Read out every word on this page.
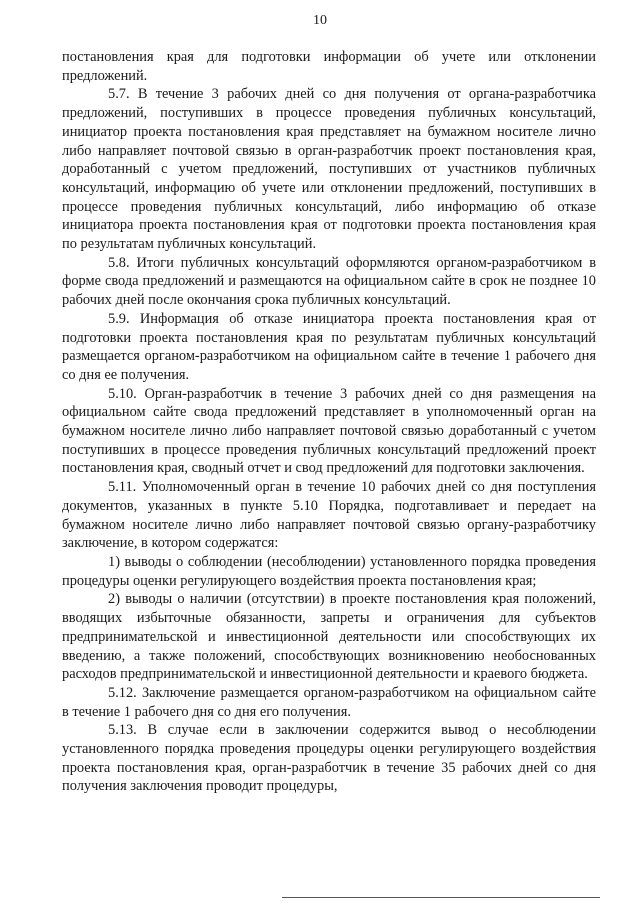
10

постановления края для подготовки информации об учете или отклонении предложений.

5.7. В течение 3 рабочих дней со дня получения от органа-разработчика предложений, поступивших в процессе проведения публичных консультаций, инициатор проекта постановления края представляет на бумажном носителе лично либо направляет почтовой связью в орган-разработчик проект постановления края, доработанный с учетом предложений, поступивших от участников публичных консультаций, информацию об учете или отклонении предложений, поступивших в процессе проведения публичных консультаций, либо информацию об отказе инициатора проекта постановления края от подготовки проекта постановления края по результатам публичных консультаций.

5.8. Итоги публичных консультаций оформляются органом-разработчиком в форме свода предложений и размещаются на официальном сайте в срок не позднее 10 рабочих дней после окончания срока публичных консультаций.

5.9. Информация об отказе инициатора проекта постановления края от подготовки проекта постановления края по результатам публичных консультаций размещается органом-разработчиком на официальном сайте в течение 1 рабочего дня со дня ее получения.

5.10. Орган-разработчик в течение 3 рабочих дней со дня размещения на официальном сайте свода предложений представляет в уполномоченный орган на бумажном носителе лично либо направляет почтовой связью доработанный с учетом поступивших в процессе проведения публичных консультаций предложений проект постановления края, сводный отчет и свод предложений для подготовки заключения.

5.11. Уполномоченный орган в течение 10 рабочих дней со дня поступления документов, указанных в пункте 5.10 Порядка, подготавливает и передает на бумажном носителе лично либо направляет почтовой связью органу-разработчику заключение, в котором содержатся:

1) выводы о соблюдении (несоблюдении) установленного порядка проведения процедуры оценки регулирующего воздействия проекта постановления края;

2) выводы о наличии (отсутствии) в проекте постановления края положений, вводящих избыточные обязанности, запреты и ограничения для субъектов предпринимательской и инвестиционной деятельности или способствующих их введению, а также положений, способствующих возникновению необоснованных расходов предпринимательской и инвестиционной деятельности и краевого бюджета.

5.12. Заключение размещается органом-разработчиком на официальном сайте в течение 1 рабочего дня со дня его получения.

5.13. В случае если в заключении содержится вывод о несоблюдении установленного порядка проведения процедуры оценки регулирующего воздействия проекта постановления края, орган-разработчик в течение 35 рабочих дней со дня получения заключения проводит процедуры,
